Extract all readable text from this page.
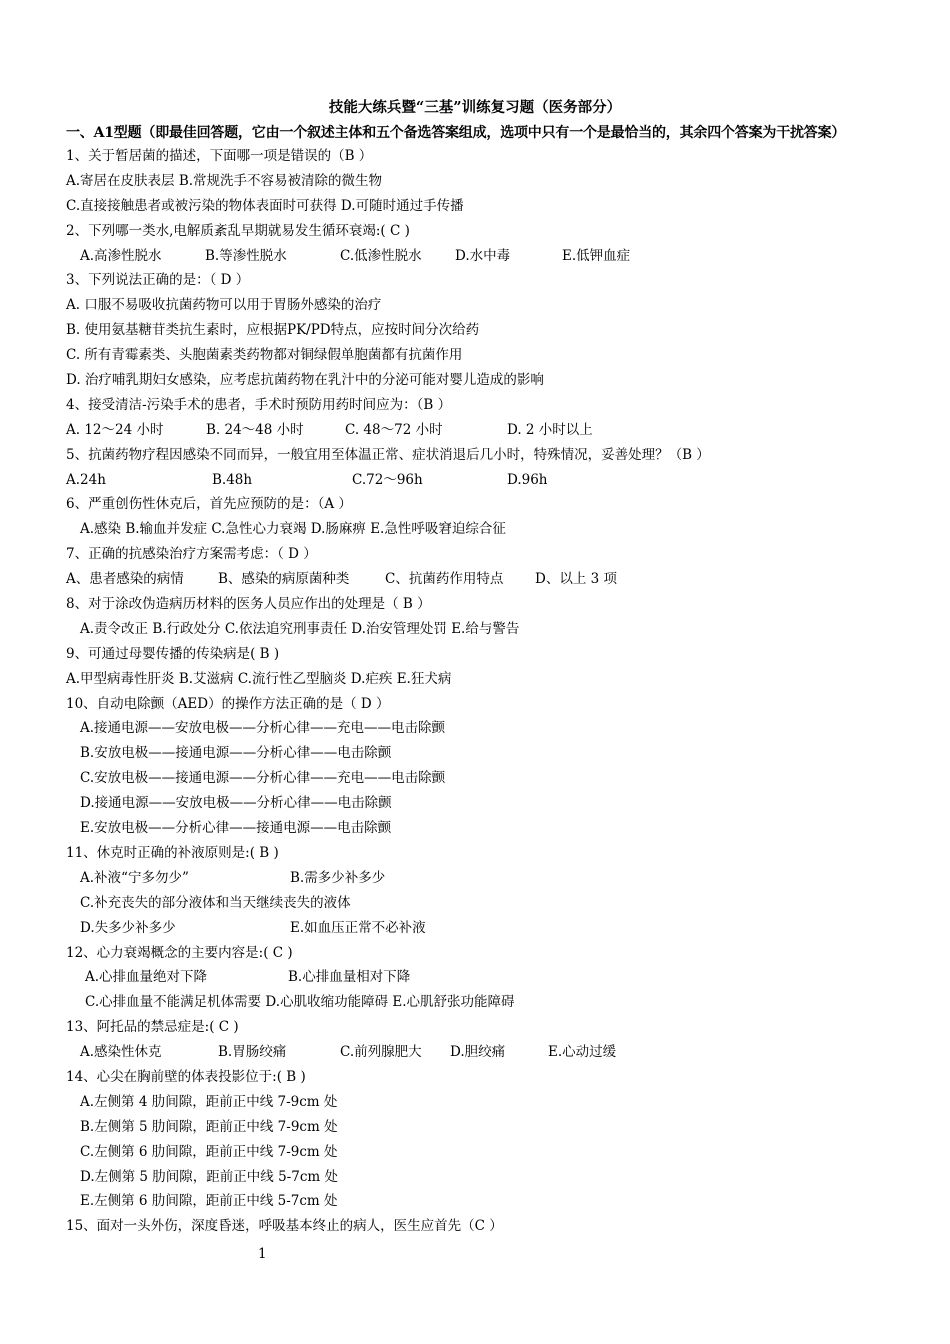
技能大练兵暨“三基”训练复习题（医务部分）
一、A1型题（即最佳回答题，它由一个叙述主体和五个备选答案组成，选项中只有一个是最恰当的，其余四个答案为干扰答案）
1、关于暂居菌的描述，下面哪一项是错误的（B ）
A.寄居在皮肤表层 B.常规洗手不容易被清除的微生物
C.直接接触患者或被污染的物体表面时可获得 D.可随时通过手传播
2、下列哪一类水,电解质紊乱早期就易发生循环衰竭:( C )
A.高渗性脱水	B.等渗性脱水	C.低渗性脱水 D.水中毒	E.低钾血症
3、下列说法正确的是：（ D ）
A. 口服不易吸收抗菌药物可以用于胃肠外感染的治疗
B. 使用氨基糖苷类抗生素时，应根据PK/PD特点，应按时间分次给药
C. 所有青霉素类、头胞菌素类药物都对铜绿假单胞菌都有抗菌作用
D. 治疗哺乳期妇女感染，应考虑抗菌药物在乳汁中的分泌可能对婴儿造成的影响
4、接受清洁-污染手术的患者，手术时预防用药时间应为：（B ）
A. 12～24 小时	B. 24～48 小时	C. 48～72 小时	D. 2 小时以上
5、抗菌药物疗程因感染不同而异，一般宜用至体温正常、症状消退后几小时，特殊情况，妥善处理？（B ）
A.24h	B.48h	C.72～96h	D.96h
6、严重创伤性休克后，首先应预防的是：（A ）
A.感染 B.输血并发症 C.急性心力衰竭 D.肠麻痹 E.急性呼吸窘迫综合征
7、正确的抗感染治疗方案需考虑：（ D ）
A、患者感染的病情	B、感染的病原菌种类	C、抗菌药作用特点 D、以上 3 项
8、对于涂改伪造病历材料的医务人员应作出的处理是（ B ）
A.责令改正 B.行政处分 C.依法追究刑事责任 D.治安管理处罚 E.给与警告
9、可通过母婴传播的传染病是( B )
A.甲型病毒性肝炎 B.艾滋病 C.流行性乙型脑炎 D.疟疾 E.狂犬病
10、自动电除颤（AED）的操作方法正确的是（ D ）
A.接通电源——安放电极——分析心律——充电——电击除颤
B.安放电极——接通电源——分析心律——电击除颤
C.安放电极——接通电源——分析心律——充电——电击除颤
D.接通电源——安放电极——分析心律——电击除颤
E.安放电极——分析心律——接通电源——电击除颤
11、休克时正确的补液原则是:( B )
A.补液“宁多勿少”	B.需多少补多少
C.补充丧失的部分液体和当天继续丧失的液体
D.失多少补多少	E.如血压正常不必补液
12、心力衰竭概念的主要内容是:( C )
A.心排血量绝对下降	B.心排血量相对下降
C.心排血量不能满足机体需要 D.心肌收缩功能障碍 E.心肌舒张功能障碍
13、阿托品的禁忌症是:( C )
A.感染性休克	B.胃肠绞痛	C.前列腺肥大 D.胆绞痛	E.心动过缓
14、心尖在胸前壁的体表投影位于:( B )
A.左侧第 4 肋间隙，距前正中线 7-9cm 处
B.左侧第 5 肋间隙，距前正中线 7-9cm 处
C.左侧第 6 肋间隙，距前正中线 7-9cm 处
D.左侧第 5 肋间隙，距前正中线 5-7cm 处
E.左侧第 6 肋间隙，距前正中线 5-7cm 处
15、面对一头外伤，深度昏迷，呼吸基本终止的病人，医生应首先（C ）
1
